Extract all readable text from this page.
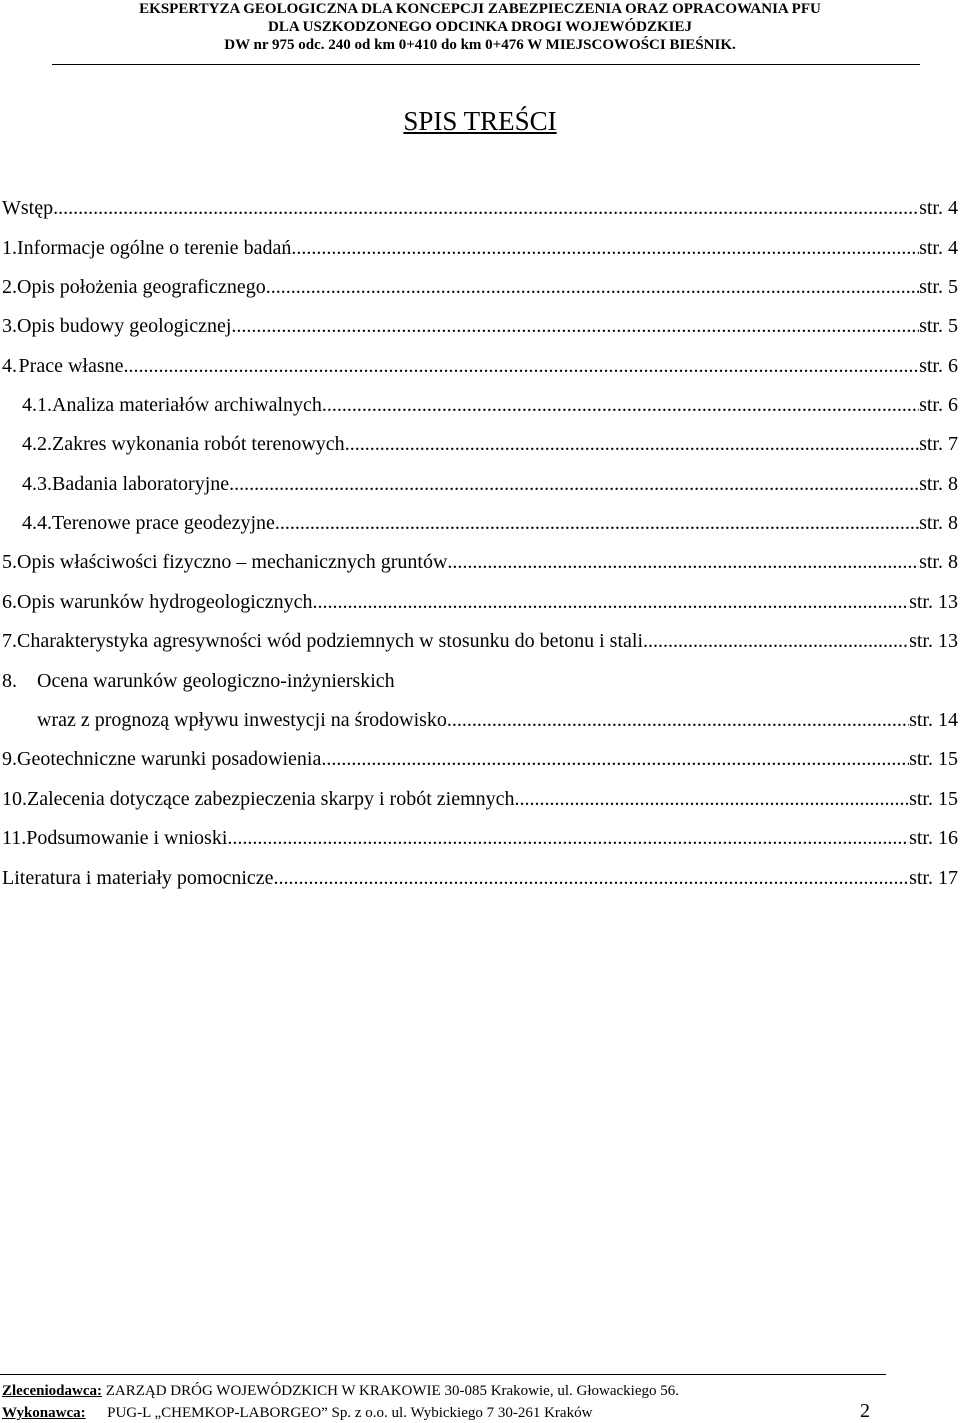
EKSPERTYZA GEOLOGICZNA DLA KONCEPCJI ZABEZPIECZENIA ORAZ OPRACOWANIA PFU
DLA USZKODZONEGO ODCINKA DROGI WOJEWÓDZKIEJ
DW nr 975 odc. 240 od km 0+410 do km 0+476 W MIEJSCOWOŚCI BIEŚNIK.
SPIS TREŚCI
Wstęp .....	str. 4
1. Informacje ogólne o terenie badań .....	str. 4
2. Opis położenia geograficznego .....	str. 5
3. Opis budowy geologicznej .....	str. 5
4. Prace własne .....	str. 6
4.1. Analiza materiałów archiwalnych .....	str. 6
4.2. Zakres wykonania robót terenowych .....	str. 7
4.3. Badania laboratoryjne .....	str. 8
4.4. Terenowe prace geodezyjne .....	str. 8
5. Opis właściwości fizyczno – mechanicznych gruntów .....	str. 8
6. Opis warunków hydrogeologicznych .....	str. 13
7. Charakterystyka agresywności wód podziemnych w stosunku do betonu i stali .....	str. 13
8.	Ocena warunków geologiczno-inżynierskich
wraz z prognozą wpływu inwestycji na środowisko .....	str. 14
9. Geotechniczne warunki posadowienia .....	str. 15
10. Zalecenia dotyczące zabezpieczenia skarpy i robót ziemnych .....	str. 15
11. Podsumowanie i wnioski .....	str. 16
Literatura i materiały pomocnicze .....	str. 17
Zleceniodawca: ZARZĄD DRÓG WOJEWÓDZKICH W KRAKOWIE 30-085 Krakowie, ul. Głowackiego 56.
Wykonawca: PUG-L „CHEMKOP-LABORGEO” Sp. z o.o. ul. Wybickiego 7 30-261 Kraków	2
